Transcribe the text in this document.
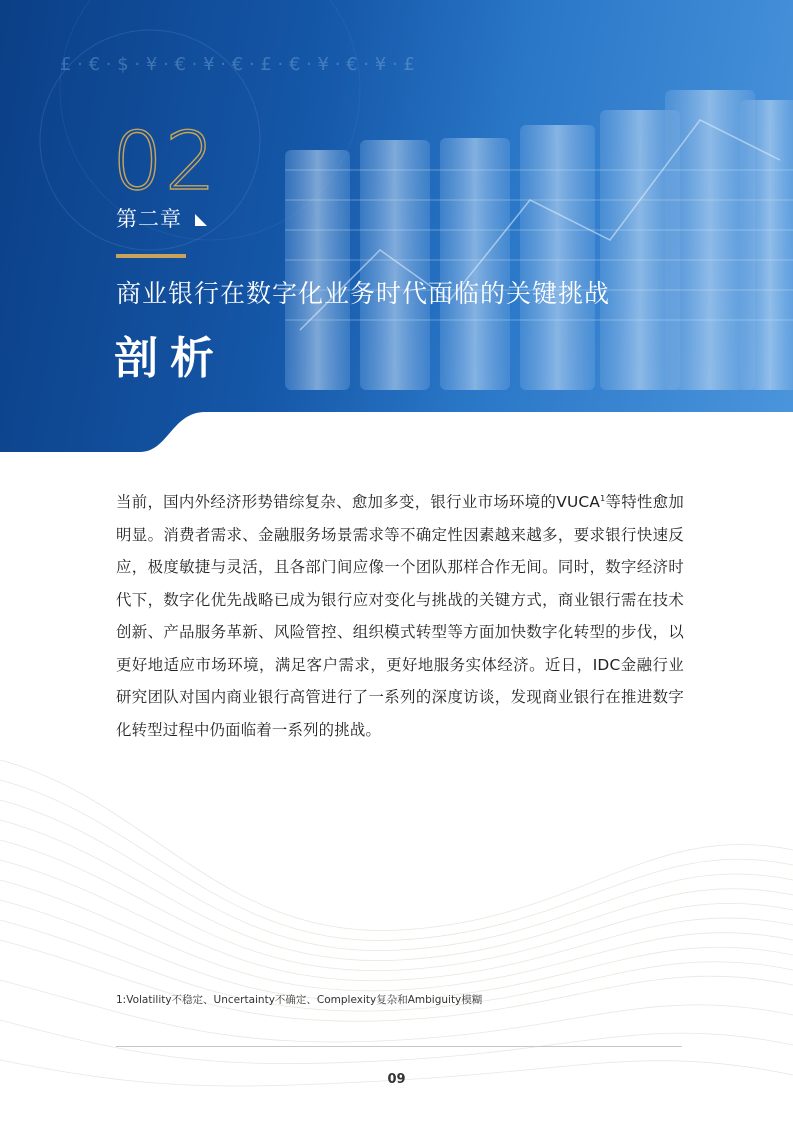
£ · € · $ · ¥ · € · ¥ · € · £ · € · ¥ · € · ¥ · £
02
第二章
商业银行在数字化业务时代面临的关键挑战
剖析
当前，国内外经济形势错综复杂、愈加多变，银行业市场环境的VUCA$^1$等特性愈加明显。消费者需求、金融服务场景需求等不确定性因素越来越多，要求银行快速反应，极度敏捷与灵活，且各部门间应像一个团队那样合作无间。同时，数字经济时代下，数字化优先战略已成为银行应对变化与挑战的关键方式，商业银行需在技术创新、产品服务革新、风险管控、组织模式转型等方面加快数字化转型的步伐，以更好地适应市场环境，满足客户需求，更好地服务实体经济。近日，IDC金融行业研究团队对国内商业银行高管进行了一系列的深度访谈，发现商业银行在推进数字化转型过程中仍面临着一系列的挑战。
1:Volatility不稳定、Uncertainty不确定、Complexity复杂和Ambiguity模糊
09
